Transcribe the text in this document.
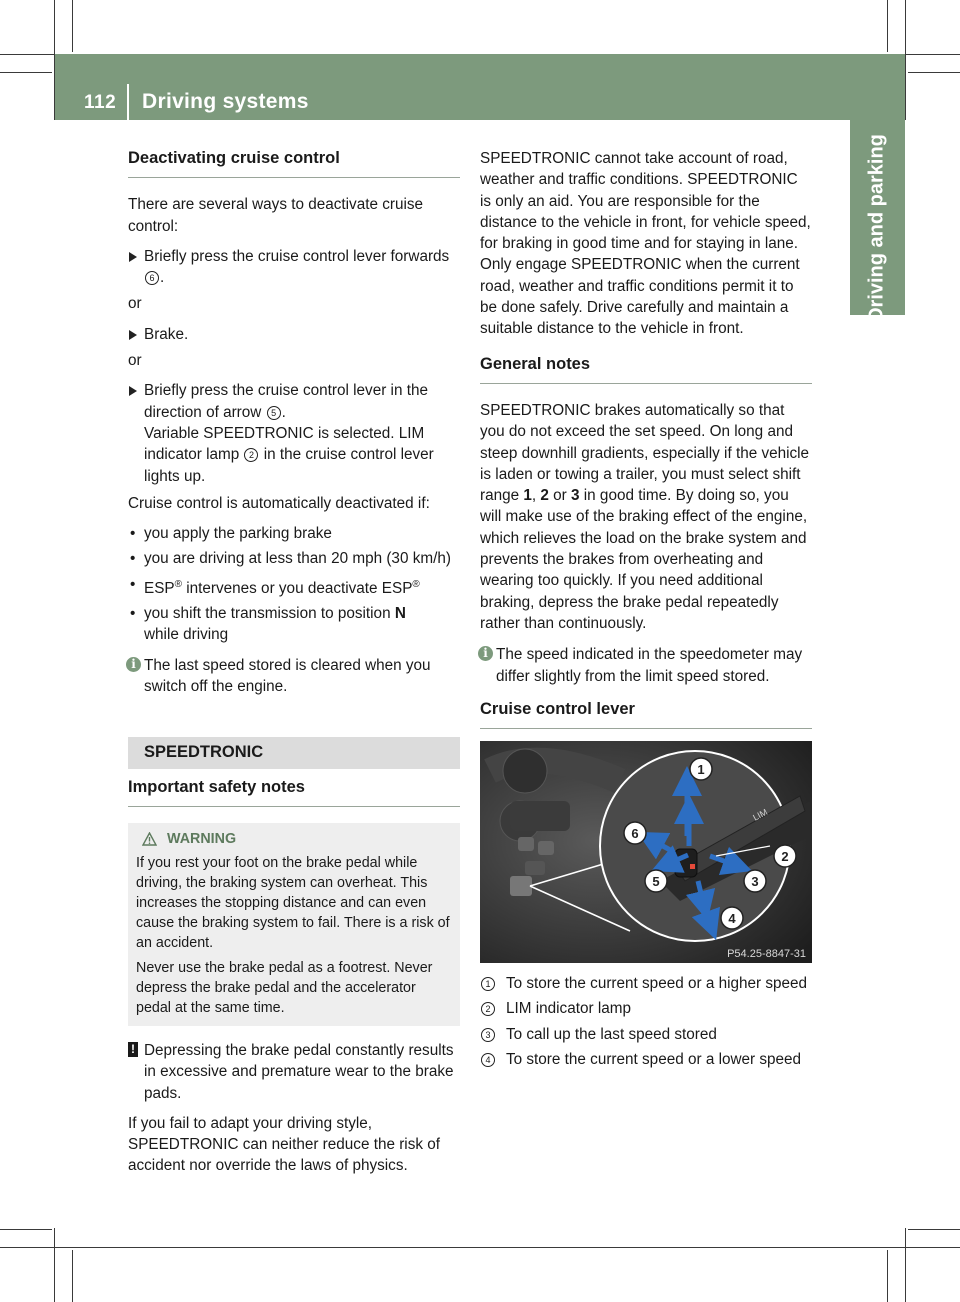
112 Driving systems
Driving and parking
Deactivating cruise control

There are several ways to deactivate cruise control:

Briefly press the cruise control lever forwards 6 .

or

Brake.

or

Briefly press the cruise control lever in the direction of arrow 5 .
Variable SPEEDTRONIC is selected. LIM indicator lamp 2 in the cruise control lever lights up.

Cruise control is automatically deactivated if:

• you apply the parking brake
• you are driving at less than 20 mph (30 km/h)
• ESP® intervenes or you deactivate ESP®
• you shift the transmission to position N
while driving
i The last speed stored is cleared when you switch off the engine.
SPEEDTRONIC
Important safety notes
WARNING

If you rest your foot on the brake pedal while driving, the braking system can overheat. This increases the stopping distance and can even cause the braking system to fail. There is a risk of an accident.

Never use the brake pedal as a footrest. Never depress the brake pedal and the accelerator pedal at the same time.

! Depressing the brake pedal constantly results in excessive and premature wear to the brake pads.

If you fail to adapt your driving style, SPEEDTRONIC can neither reduce the risk of accident nor override the laws of physics.

SPEEDTRONIC cannot take account of road, weather and traffic conditions. SPEEDTRONIC is only an aid. You are responsible for the distance to the vehicle in front, for vehicle speed, for braking in good time and for staying in lane. Only engage SPEEDTRONIC when the current road, weather and traffic conditions permit it to be done safely. Drive carefully and maintain a suitable distance to the vehicle in front.

General notes

SPEEDTRONIC brakes automatically so that you do not exceed the set speed. On long and steep downhill gradients, especially if the vehicle is laden or towing a trailer, you must select shift range 1, 2 or 3 in good time. By doing so, you will make use of the braking effect of the engine, which relieves the load on the brake system and prevents the brakes from overheating and wearing too quickly. If you need additional braking, depress the brake pedal repeatedly rather than continuously.

i The speed indicated in the speedometer may differ slightly from the limit speed stored.
Cruise control lever
LIM
1
2
3
4
5
6
P54.25-8847-31
1 To store the current speed or a higher speed
2 LIM indicator lamp
3 To call up the last speed stored
4 To store the current speed or a lower speed
carmanualsonline.info
